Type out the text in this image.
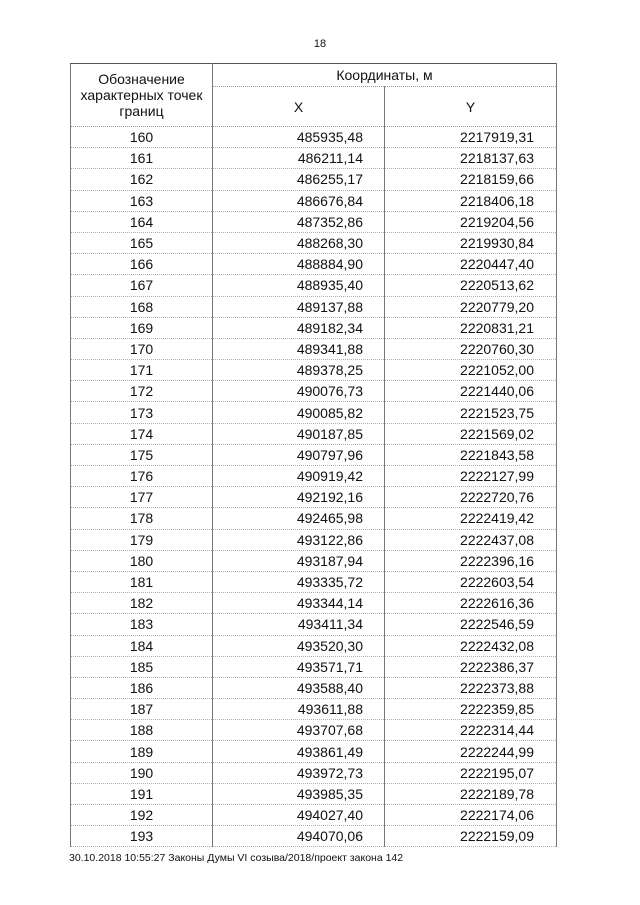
18
Обозначение характерных точек границ	Координаты, м	
	X	Y
160	485935,48	2217919,31
161	486211,14	2218137,63
162	486255,17	2218159,66
163	486676,84	2218406,18
164	487352,86	2219204,56
165	488268,30	2219930,84
166	488884,90	2220447,40
167	488935,40	2220513,62
168	489137,88	2220779,20
169	489182,34	2220831,21
170	489341,88	2220760,30
171	489378,25	2221052,00
172	490076,73	2221440,06
173	490085,82	2221523,75
174	490187,85	2221569,02
175	490797,96	2221843,58
176	490919,42	2222127,99
177	492192,16	2222720,76
178	492465,98	2222419,42
179	493122,86	2222437,08
180	493187,94	2222396,16
181	493335,72	2222603,54
182	493344,14	2222616,36
183	493411,34	2222546,59
184	493520,30	2222432,08
185	493571,71	2222386,37
186	493588,40	2222373,88
187	493611,88	2222359,85
188	493707,68	2222314,44
189	493861,49	2222244,99
190	493972,73	2222195,07
191	493985,35	2222189,78
192	494027,40	2222174,06
193	494070,06	2222159,09
30.10.2018 10:55:27 Законы Думы VI созыва/2018/проект закона 142
